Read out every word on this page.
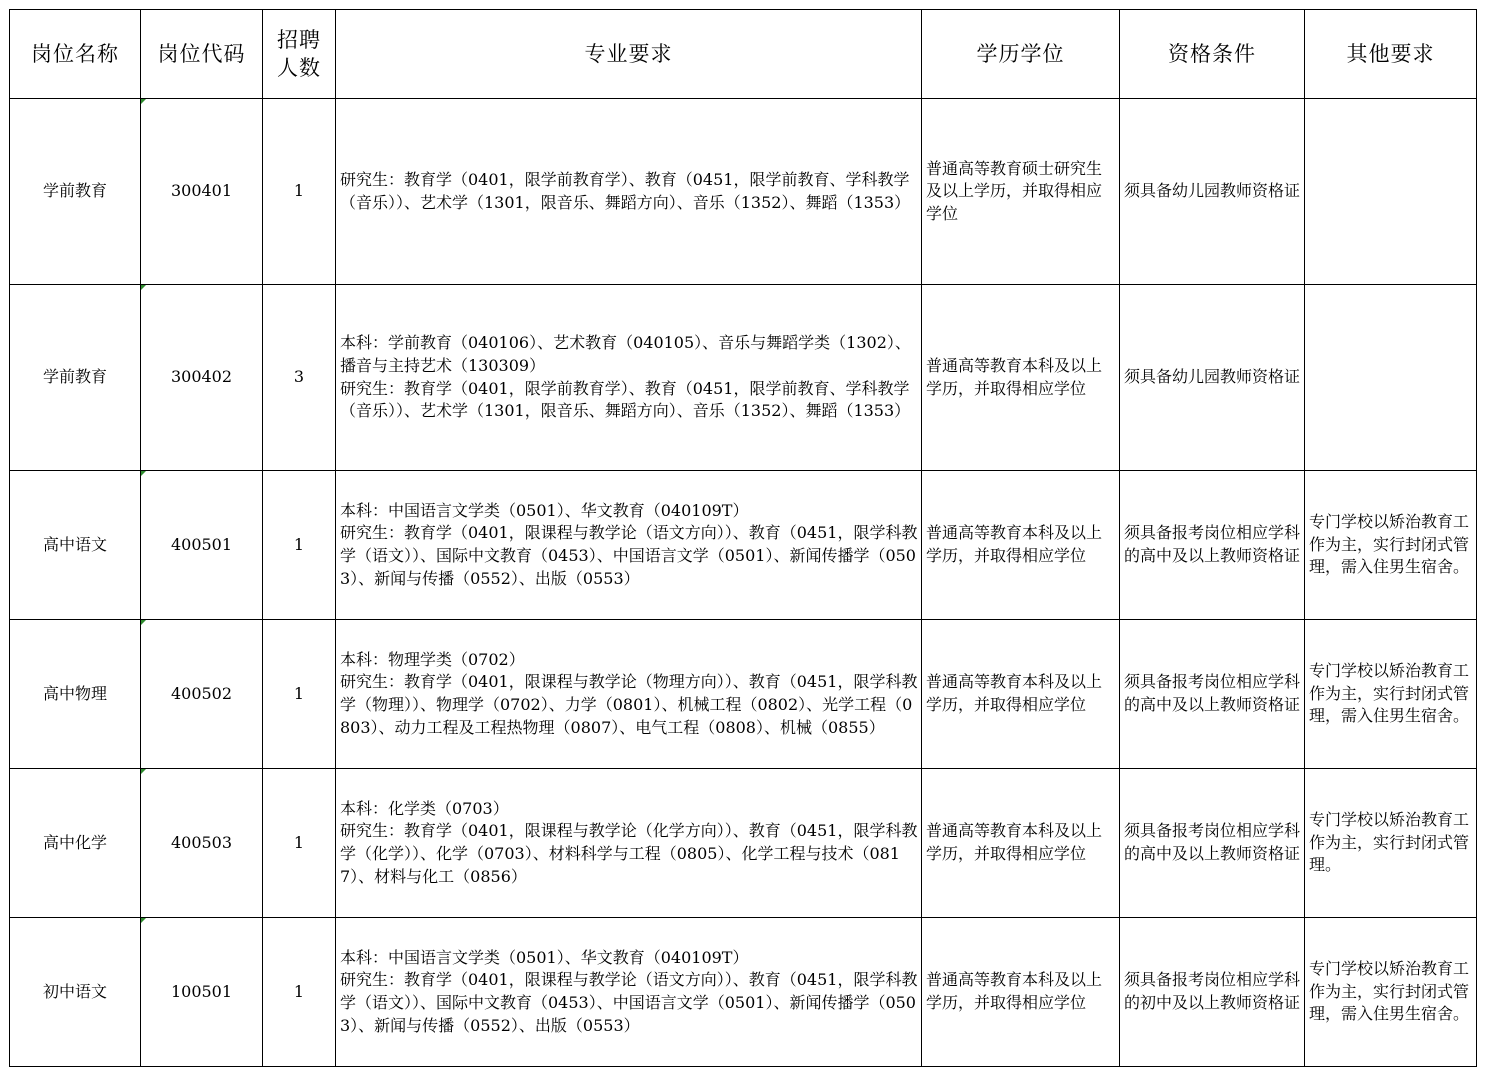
岗位名称	岗位代码	招聘人数	专业要求	学历学位	资格条件	其他要求
学前教育	300401	1	研究生：教育学（0401，限学前教育学）、教育（0451，限学前教育、学科教学（音乐））、艺术学（1301，限音乐、舞蹈方向）、音乐（1352）、舞蹈（1353）	普通高等教育硕士研究生及以上学历，并取得相应学位	须具备幼儿园教师资格证	
学前教育	300402	3	本科：学前教育（040106）、艺术教育（040105）、音乐与舞蹈学类（1302）、播音与主持艺术（130309）
研究生：教育学（0401，限学前教育学）、教育（0451，限学前教育、学科教学（音乐））、艺术学（1301，限音乐、舞蹈方向）、音乐（1352）、舞蹈（1353）	普通高等教育本科及以上学历，并取得相应学位	须具备幼儿园教师资格证	
高中语文	400501	1	本科：中国语言文学类（0501）、华文教育（040109T）
研究生：教育学（0401，限课程与教学论（语文方向））、教育（0451，限学科教学（语文））、国际中文教育（0453）、中国语言文学（0501）、新闻传播学（0503）、新闻与传播（0552）、出版（0553）	普通高等教育本科及以上学历，并取得相应学位	须具备报考岗位相应学科的高中及以上教师资格证	专门学校以矫治教育工作为主，实行封闭式管理，需入住男生宿舍。
高中物理	400502	1	本科：物理学类（0702）
研究生：教育学（0401，限课程与教学论（物理方向））、教育（0451，限学科教学（物理））、物理学（0702）、力学（0801）、机械工程（0802）、光学工程（0803）、动力工程及工程热物理（0807）、电气工程（0808）、机械（0855）	普通高等教育本科及以上学历，并取得相应学位	须具备报考岗位相应学科的高中及以上教师资格证	专门学校以矫治教育工作为主，实行封闭式管理，需入住男生宿舍。
高中化学	400503	1	本科：化学类（0703）
研究生：教育学（0401，限课程与教学论（化学方向））、教育（0451，限学科教学（化学））、化学（0703）、材料科学与工程（0805）、化学工程与技术（0817）、材料与化工（0856）	普通高等教育本科及以上学历，并取得相应学位	须具备报考岗位相应学科的高中及以上教师资格证	专门学校以矫治教育工作为主，实行封闭式管理。
初中语文	100501	1	本科：中国语言文学类（0501）、华文教育（040109T）
研究生：教育学（0401，限课程与教学论（语文方向））、教育（0451，限学科教学（语文））、国际中文教育（0453）、中国语言文学（0501）、新闻传播学（0503）、新闻与传播（0552）、出版（0553）	普通高等教育本科及以上学历，并取得相应学位	须具备报考岗位相应学科的初中及以上教师资格证	专门学校以矫治教育工作为主，实行封闭式管理，需入住男生宿舍。
